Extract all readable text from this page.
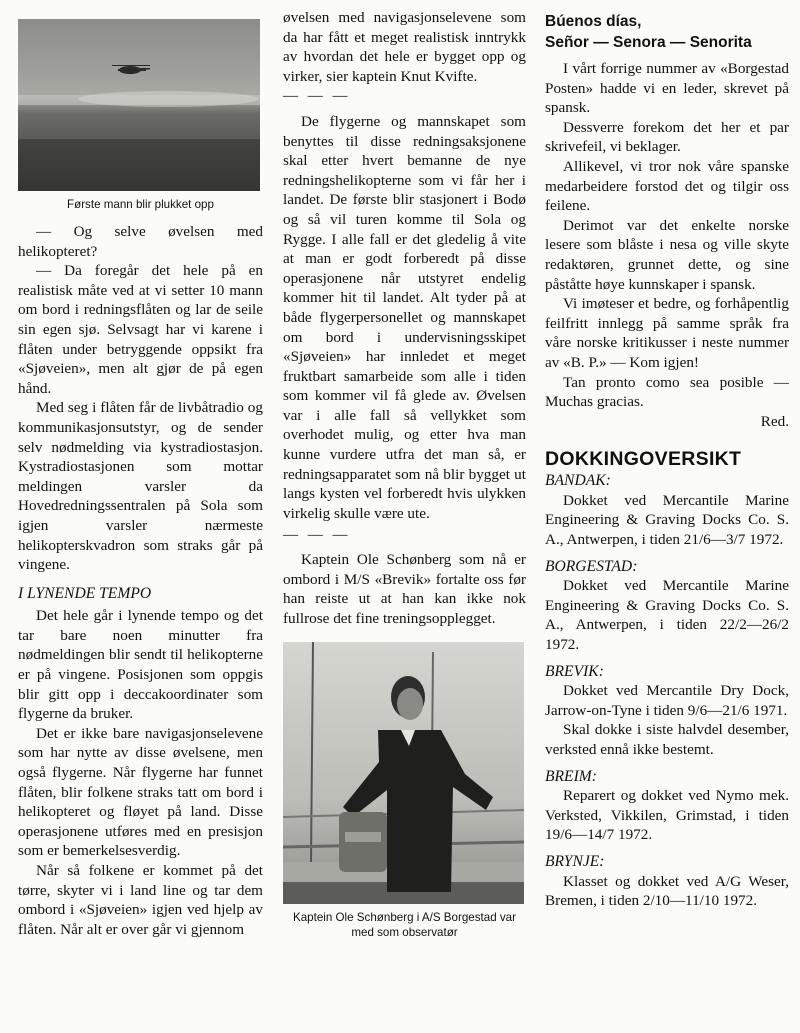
Første mann blir plukket opp

— Og selve øvelsen med helikopteret?

— Da foregår det hele på en realistisk måte ved at vi setter 10 mann om bord i redningsflåten og lar de seile sin egen sjø. Selvsagt har vi karene i flåten under betryggende oppsikt fra «Sjøveien», men alt gjør de på egen hånd.

Med seg i flåten får de livbåtradio og kommunikasjonsutstyr, og de sender selv nødmelding via kystradiostasjon. Kystradiostasjonen som mottar meldingen varsler da Hovedredningssentralen på Sola som igjen varsler nærmeste helikopterskvadron som straks går på vingene.

I LYNENDE TEMPO

Det hele går i lynende tempo og det tar bare noen minutter fra nødmeldingen blir sendt til helikopterne er på vingene. Posisjonen som oppgis blir gitt opp i deccakoordinater som flygerne da bruker.

Det er ikke bare navigasjonselevene som har nytte av disse øvelsene, men også flygerne. Når flygerne har funnet flåten, blir folkene straks tatt om bord i helikopteret og fløyet på land. Disse operasjonene utføres med en presisjon som er bemerkelsesverdig.

Når så folkene er kommet på det tørre, skyter vi i land line og tar dem ombord i «Sjøveien» igjen ved hjelp av flåten. Når alt er over går vi gjennom

øvelsen med navigasjonselevene som da har fått et meget realistisk inntrykk av hvordan det hele er bygget opp og virker, sier kaptein Knut Kvifte.

— — —

De flygerne og mannskapet som benyttes til disse redningsaksjonene skal etter hvert bemanne de nye redningshelikopterne som vi får her i landet. De første blir stasjonert i Bodø og så vil turen komme til Sola og Rygge. I alle fall er det gledelig å vite at man er godt forberedt på disse operasjonene når utstyret endelig kommer hit til landet. Alt tyder på at både flygerpersonellet og mannskapet om bord i undervisningsskipet «Sjøveien» har innledet et meget fruktbart samarbeide som alle i tiden som kommer vil få glede av. Øvelsen var i alle fall så vellykket som overhodet mulig, og etter hva man kunne vurdere utfra det man så, er redningsapparatet som nå blir bygget ut langs kysten vel forberedt hvis ulykken virkelig skulle være ute.

— — —

Kaptein Ole Schønberg som nå er ombord i M/S «Brevik» fortalte oss før han reiste ut at han kan ikke nok fullrose det fine treningsopplegget.

Kaptein Ole Schønberg i A/S Borgestad var med som observatør

Búenos días,

Señor — Senora — Senorita

I vårt forrige nummer av «Borgestad Posten» hadde vi en leder, skrevet på spansk.

Dessverre forekom det her et par skrivefeil, vi beklager.

Allikevel, vi tror nok våre spanske medarbeidere forstod det og tilgir oss feilene.

Derimot var det enkelte norske lesere som blåste i nesa og ville skyte redaktøren, grunnet dette, og sine påståtte høye kunnskaper i spansk.

Vi imøteser et bedre, og forhåpentlig feilfritt innlegg på samme språk fra våre norske kritikusser i neste nummer av «B. P.» — Kom igjen!

Tan pronto como sea posible — Muchas gracias.

Red.

DOKKINGOVERSIKT

BANDAK:

Dokket ved Mercantile Marine Engineering & Graving Docks Co. S. A., Antwerpen, i tiden 21/6—3/7 1972.

BORGESTAD:

Dokket ved Mercantile Marine Engineering & Graving Docks Co. S. A., Antwerpen, i tiden 22/2—26/2 1972.

BREVIK:

Dokket ved Mercantile Dry Dock, Jarrow-on-Tyne i tiden 9/6—21/6 1971.

Skal dokke i siste halvdel desember, verksted ennå ikke bestemt.

BREIM:

Reparert og dokket ved Nymo mek. Verksted, Vikkilen, Grimstad, i tiden 19/6—14/7 1972.

BRYNJE:

Klasset og dokket ved A/G Weser, Bremen, i tiden 2/10—11/10 1972.
